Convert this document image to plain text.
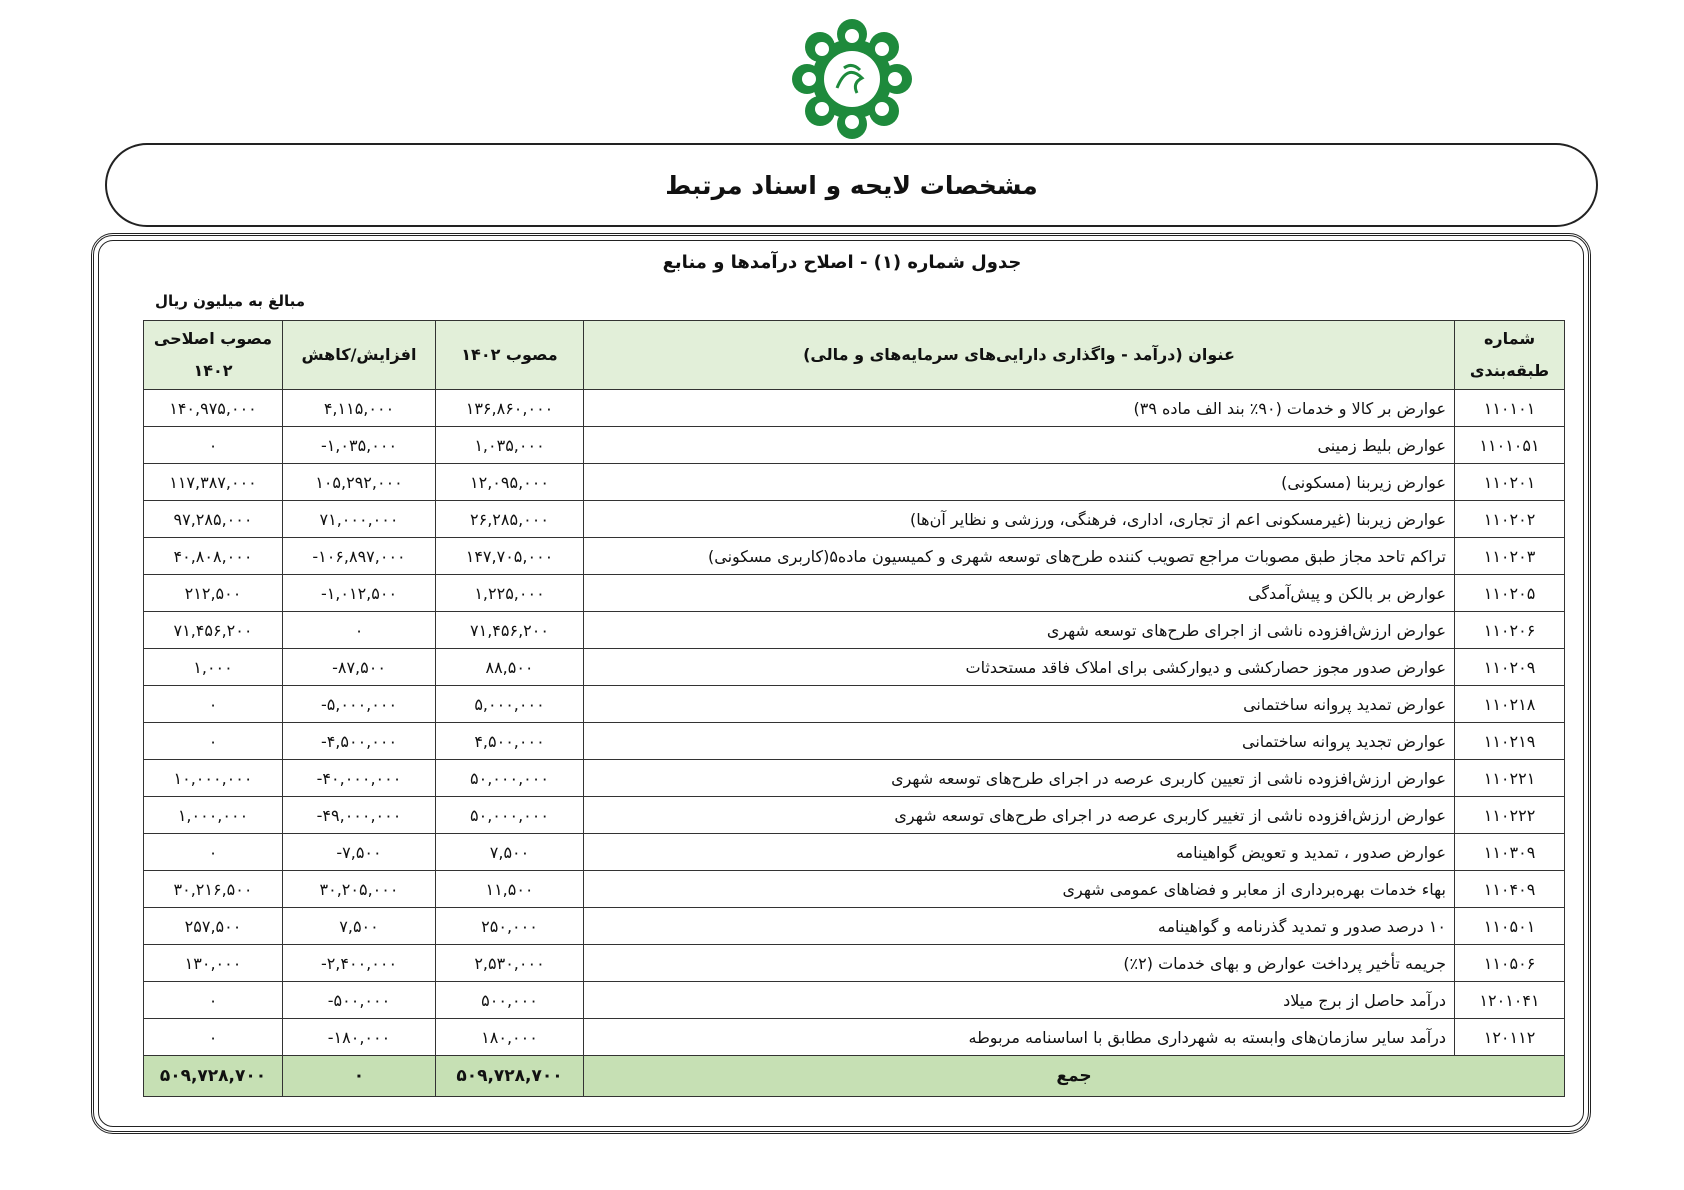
مشخصات لایحه و اسناد مرتبط
جدول شماره (۱) - اصلاح درآمدها و منابع
مبالغ به میلیون ریال
شماره طبقه‌بندی	عنوان (درآمد - واگذاری دارایی‌های سرمایه‌های و مالی)	مصوب ۱۴۰۲	افزایش/کاهش	مصوب اصلاحی ۱۴۰۲
۱۱۰۱۰۱	عوارض بر کالا و خدمات (۹۰٪ بند الف ماده ۳۹)	۱۳۶,۸۶۰,۰۰۰	۴,۱۱۵,۰۰۰	۱۴۰,۹۷۵,۰۰۰
۱۱۰۱۰۵۱	عوارض بلیط زمینی	۱,۰۳۵,۰۰۰	-۱,۰۳۵,۰۰۰	۰
۱۱۰۲۰۱	عوارض زیربنا (مسکونی)	۱۲,۰۹۵,۰۰۰	۱۰۵,۲۹۲,۰۰۰	۱۱۷,۳۸۷,۰۰۰
۱۱۰۲۰۲	عوارض زیربنا (غیرمسکونی اعم از تجاری، اداری، فرهنگی، ورزشی و نظایر آن‌ها)	۲۶,۲۸۵,۰۰۰	۷۱,۰۰۰,۰۰۰	۹۷,۲۸۵,۰۰۰
۱۱۰۲۰۳	تراکم تاحد مجاز طبق مصوبات مراجع تصویب کننده طرح‌های توسعه شهری و کمیسیون ماده۵(کاربری مسکونی)	۱۴۷,۷۰۵,۰۰۰	-۱۰۶,۸۹۷,۰۰۰	۴۰,۸۰۸,۰۰۰
۱۱۰۲۰۵	عوارض بر بالکن و پیش‌آمدگی	۱,۲۲۵,۰۰۰	-۱,۰۱۲,۵۰۰	۲۱۲,۵۰۰
۱۱۰۲۰۶	عوارض ارزش‌افزوده ناشی از اجرای طرح‌های توسعه شهری	۷۱,۴۵۶,۲۰۰	۰	۷۱,۴۵۶,۲۰۰
۱۱۰۲۰۹	عوارض صدور مجوز حصارکشی و دیوارکشی برای املاک فاقد مستحدثات	۸۸,۵۰۰	-۸۷,۵۰۰	۱,۰۰۰
۱۱۰۲۱۸	عوارض تمدید پروانه ساختمانی	۵,۰۰۰,۰۰۰	-۵,۰۰۰,۰۰۰	۰
۱۱۰۲۱۹	عوارض تجدید پروانه ساختمانی	۴,۵۰۰,۰۰۰	-۴,۵۰۰,۰۰۰	۰
۱۱۰۲۲۱	عوارض ارزش‌افزوده ناشی از تعیین کاربری عرصه در اجرای طرح‌های توسعه شهری	۵۰,۰۰۰,۰۰۰	-۴۰,۰۰۰,۰۰۰	۱۰,۰۰۰,۰۰۰
۱۱۰۲۲۲	عوارض ارزش‌افزوده ناشی از تغییر کاربری عرصه در اجرای طرح‌های توسعه شهری	۵۰,۰۰۰,۰۰۰	-۴۹,۰۰۰,۰۰۰	۱,۰۰۰,۰۰۰
۱۱۰۳۰۹	عوارض صدور ، تمدید و تعویض گواهینامه	۷,۵۰۰	-۷,۵۰۰	۰
۱۱۰۴۰۹	بهاء خدمات بهره‌برداری از معابر و فضاهای عمومی شهری	۱۱,۵۰۰	۳۰,۲۰۵,۰۰۰	۳۰,۲۱۶,۵۰۰
۱۱۰۵۰۱	۱۰ درصد صدور و تمدید گذرنامه و گواهینامه	۲۵۰,۰۰۰	۷,۵۰۰	۲۵۷,۵۰۰
۱۱۰۵۰۶	جریمه تأخیر پرداخت عوارض و بهای خدمات (۲٪)	۲,۵۳۰,۰۰۰	-۲,۴۰۰,۰۰۰	۱۳۰,۰۰۰
۱۲۰۱۰۴۱	درآمد حاصل از برج میلاد	۵۰۰,۰۰۰	-۵۰۰,۰۰۰	۰
۱۲۰۱۱۲	درآمد سایر سازمان‌های وابسته به شهرداری مطابق با اساسنامه مربوطه	۱۸۰,۰۰۰	-۱۸۰,۰۰۰	۰
جمع		۵۰۹,۷۲۸,۷۰۰	۰	۵۰۹,۷۲۸,۷۰۰
